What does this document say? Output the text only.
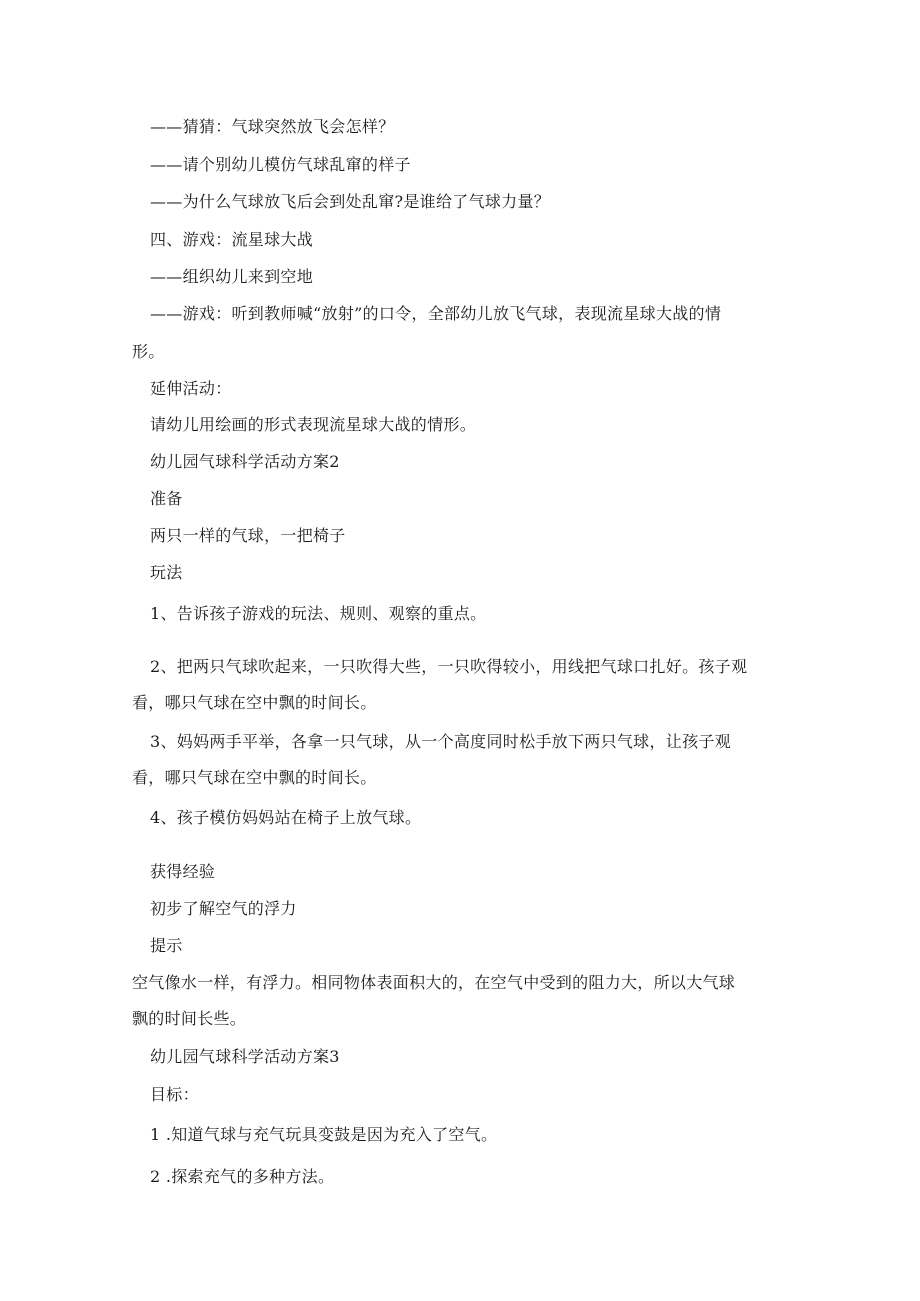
——猜猜：气球突然放飞会怎样？
——请个别幼儿模仿气球乱窜的样子
——为什么气球放飞后会到处乱窜?是谁给了气球力量？
四、游戏：流星球大战
——组织幼儿来到空地
——游戏：听到教师喊“放射”的口令，全部幼儿放飞气球，表现流星球大战的情
形。
延伸活动：
请幼儿用绘画的形式表现流星球大战的情形。
幼儿园气球科学活动方案2
准备
两只一样的气球，一把椅子
玩法
1、告诉孩子游戏的玩法、规则、观察的重点。
2、把两只气球吹起来，一只吹得大些，一只吹得较小，用线把气球口扎好。孩子观
看，哪只气球在空中飘的时间长。
3、妈妈两手平举，各拿一只气球，从一个高度同时松手放下两只气球，让孩子观
看，哪只气球在空中飘的时间长。
4、孩子模仿妈妈站在椅子上放气球。
获得经验
初步了解空气的浮力
提示
空气像水一样，有浮力。相同物体表面积大的，在空气中受到的阻力大，所以大气球
飘的时间长些。
幼儿园气球科学活动方案3
目标：
1 .知道气球与充气玩具变鼓是因为充入了空气。
2 .探索充气的多种方法。
